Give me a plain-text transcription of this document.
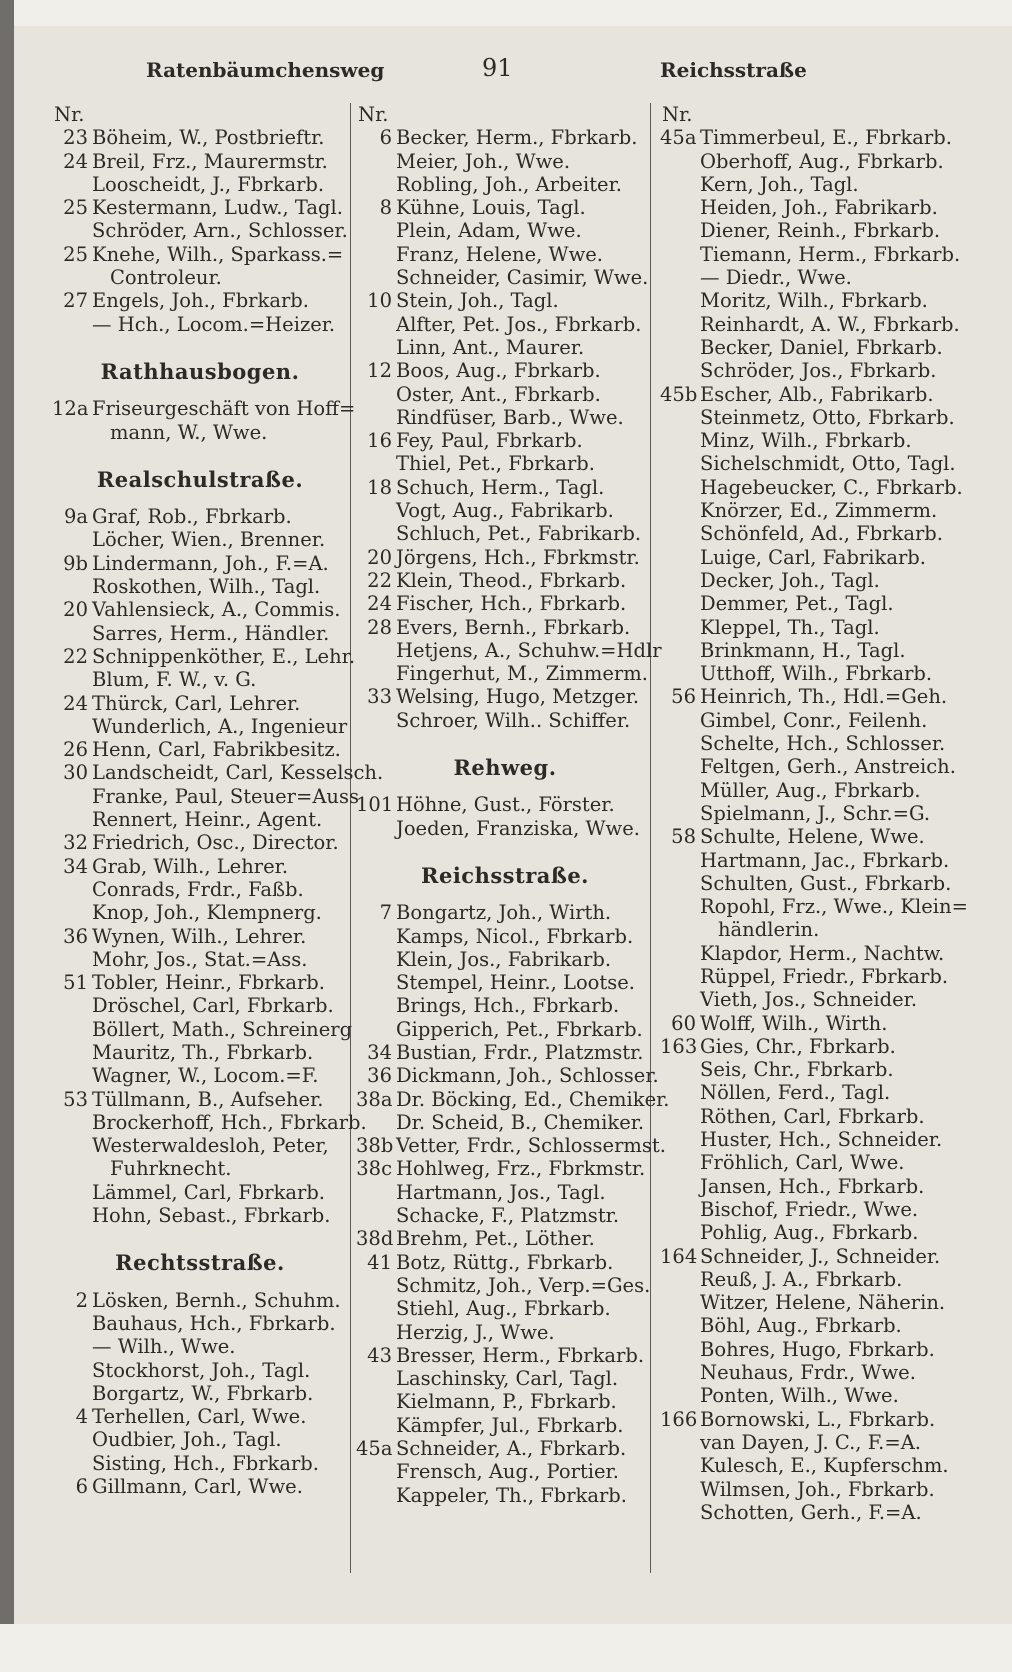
Ratenbäumchensweg	91	Reichsstraße
Nr.
23 Böheim, W., Postbrieftr.
24 Breil, Frz., Maurermstr.
Looscheidt, J., Fbrkarb.
25 Kestermann, Ludw., Tagl.
Schröder, Arn., Schlosser.
25 Knehe, Wilh., Sparkass.=
Controleur.
27 Engels, Joh., Fbrkarb.
— Hch., Locom.=Heizer.
Rathhausbogen.
12a Friseurgeschäft von Hoff=
mann, W., Wwe.
Realschulstraße.
9a Graf, Rob., Fbrkarb.
Löcher, Wien., Brenner.
9b Lindermann, Joh., F.=A.
Roskothen, Wilh., Tagl.
20 Vahlensieck, A., Commis.
Sarres, Herm., Händler.
22 Schnippenköther, E., Lehr.
Blum, F. W., v. G.
24 Thürck, Carl, Lehrer.
Wunderlich, A., Ingenieur
26 Henn, Carl, Fabrikbesitz.
30 Landscheidt, Carl, Kesselsch.
Franke, Paul, Steuer=Auss
Rennert, Heinr., Agent.
32 Friedrich, Osc., Director.
34 Grab, Wilh., Lehrer.
Conrads, Frdr., Faßb.
Knop, Joh., Klempnerg.
36 Wynen, Wilh., Lehrer.
Mohr, Jos., Stat.=Ass.
51 Tobler, Heinr., Fbrkarb.
Dröschel, Carl, Fbrkarb.
Böllert, Math., Schreinerg
Mauritz, Th., Fbrkarb.
Wagner, W., Locom.=F.
53 Tüllmann, B., Aufseher.
Brockerhoff, Hch., Fbrkarb.
Westerwaldesloh, Peter,
Fuhrknecht.
Lämmel, Carl, Fbrkarb.
Hohn, Sebast., Fbrkarb.
Rechtsstraße.
2 Lösken, Bernh., Schuhm.
Bauhaus, Hch., Fbrkarb.
— Wilh., Wwe.
Stockhorst, Joh., Tagl.
Borgartz, W., Fbrkarb.
4 Terhellen, Carl, Wwe.
Oudbier, Joh., Tagl.
Sisting, Hch., Fbrkarb.
6 Gillmann, Carl, Wwe.
Nr.
6 Becker, Herm., Fbrkarb.
Meier, Joh., Wwe.
Robling, Joh., Arbeiter.
8 Kühne, Louis, Tagl.
Plein, Adam, Wwe.
Franz, Helene, Wwe.
Schneider, Casimir, Wwe.
10 Stein, Joh., Tagl.
Alfter, Pet. Jos., Fbrkarb.
Linn, Ant., Maurer.
12 Boos, Aug., Fbrkarb.
Oster, Ant., Fbrkarb.
Rindfüser, Barb., Wwe.
16 Fey, Paul, Fbrkarb.
Thiel, Pet., Fbrkarb.
18 Schuch, Herm., Tagl.
Vogt, Aug., Fabrikarb.
Schluch, Pet., Fabrikarb.
20 Jörgens, Hch., Fbrkmstr.
22 Klein, Theod., Fbrkarb.
24 Fischer, Hch., Fbrkarb.
28 Evers, Bernh., Fbrkarb.
Hetjens, A., Schuhw.=Hdlr
Fingerhut, M., Zimmerm.
33 Welsing, Hugo, Metzger.
Schroer, Wilh.. Schiffer.
Rehweg.
101 Höhne, Gust., Förster.
Joeden, Franziska, Wwe.
Reichsstraße.
7 Bongartz, Joh., Wirth.
Kamps, Nicol., Fbrkarb.
Klein, Jos., Fabrikarb.
Stempel, Heinr., Lootse.
Brings, Hch., Fbrkarb.
Gipperich, Pet., Fbrkarb.
34 Bustian, Frdr., Platzmstr.
36 Dickmann, Joh., Schlosser.
38a Dr. Böcking, Ed., Chemiker.
Dr. Scheid, B., Chemiker.
38b Vetter, Frdr., Schlossermst.
38c Hohlweg, Frz., Fbrkmstr.
Hartmann, Jos., Tagl.
Schacke, F., Platzmstr.
38d Brehm, Pet., Löther.
41 Botz, Rüttg., Fbrkarb.
Schmitz, Joh., Verp.=Ges.
Stiehl, Aug., Fbrkarb.
Herzig, J., Wwe.
43 Bresser, Herm., Fbrkarb.
Laschinsky, Carl, Tagl.
Kielmann, P., Fbrkarb.
Kämpfer, Jul., Fbrkarb.
45a Schneider, A., Fbrkarb.
Frensch, Aug., Portier.
Kappeler, Th., Fbrkarb.
Nr.
45a Timmerbeul, E., Fbrkarb.
Oberhoff, Aug., Fbrkarb.
Kern, Joh., Tagl.
Heiden, Joh., Fabrikarb.
Diener, Reinh., Fbrkarb.
Tiemann, Herm., Fbrkarb.
— Diedr., Wwe.
Moritz, Wilh., Fbrkarb.
Reinhardt, A. W., Fbrkarb.
Becker, Daniel, Fbrkarb.
Schröder, Jos., Fbrkarb.
45b Escher, Alb., Fabrikarb.
Steinmetz, Otto, Fbrkarb.
Minz, Wilh., Fbrkarb.
Sichelschmidt, Otto, Tagl.
Hagebeucker, C., Fbrkarb.
Knörzer, Ed., Zimmerm.
Schönfeld, Ad., Fbrkarb.
Luige, Carl, Fabrikarb.
Decker, Joh., Tagl.
Demmer, Pet., Tagl.
Kleppel, Th., Tagl.
Brinkmann, H., Tagl.
Utthoff, Wilh., Fbrkarb.
56 Heinrich, Th., Hdl.=Geh.
Gimbel, Conr., Feilenh.
Schelte, Hch., Schlosser.
Feltgen, Gerh., Anstreich.
Müller, Aug., Fbrkarb.
Spielmann, J., Schr.=G.
58 Schulte, Helene, Wwe.
Hartmann, Jac., Fbrkarb.
Schulten, Gust., Fbrkarb.
Ropohl, Frz., Wwe., Klein=
händlerin.
Klapdor, Herm., Nachtw.
Rüppel, Friedr., Fbrkarb.
Vieth, Jos., Schneider.
60 Wolff, Wilh., Wirth.
163 Gies, Chr., Fbrkarb.
Seis, Chr., Fbrkarb.
Nöllen, Ferd., Tagl.
Röthen, Carl, Fbrkarb.
Huster, Hch., Schneider.
Fröhlich, Carl, Wwe.
Jansen, Hch., Fbrkarb.
Bischof, Friedr., Wwe.
Pohlig, Aug., Fbrkarb.
164 Schneider, J., Schneider.
Reuß, J. A., Fbrkarb.
Witzer, Helene, Näherin.
Böhl, Aug., Fbrkarb.
Bohres, Hugo, Fbrkarb.
Neuhaus, Frdr., Wwe.
Ponten, Wilh., Wwe.
166 Bornowski, L., Fbrkarb.
van Dayen, J. C., F.=A.
Kulesch, E., Kupferschm.
Wilmsen, Joh., Fbrkarb.
Schotten, Gerh., F.=A.
